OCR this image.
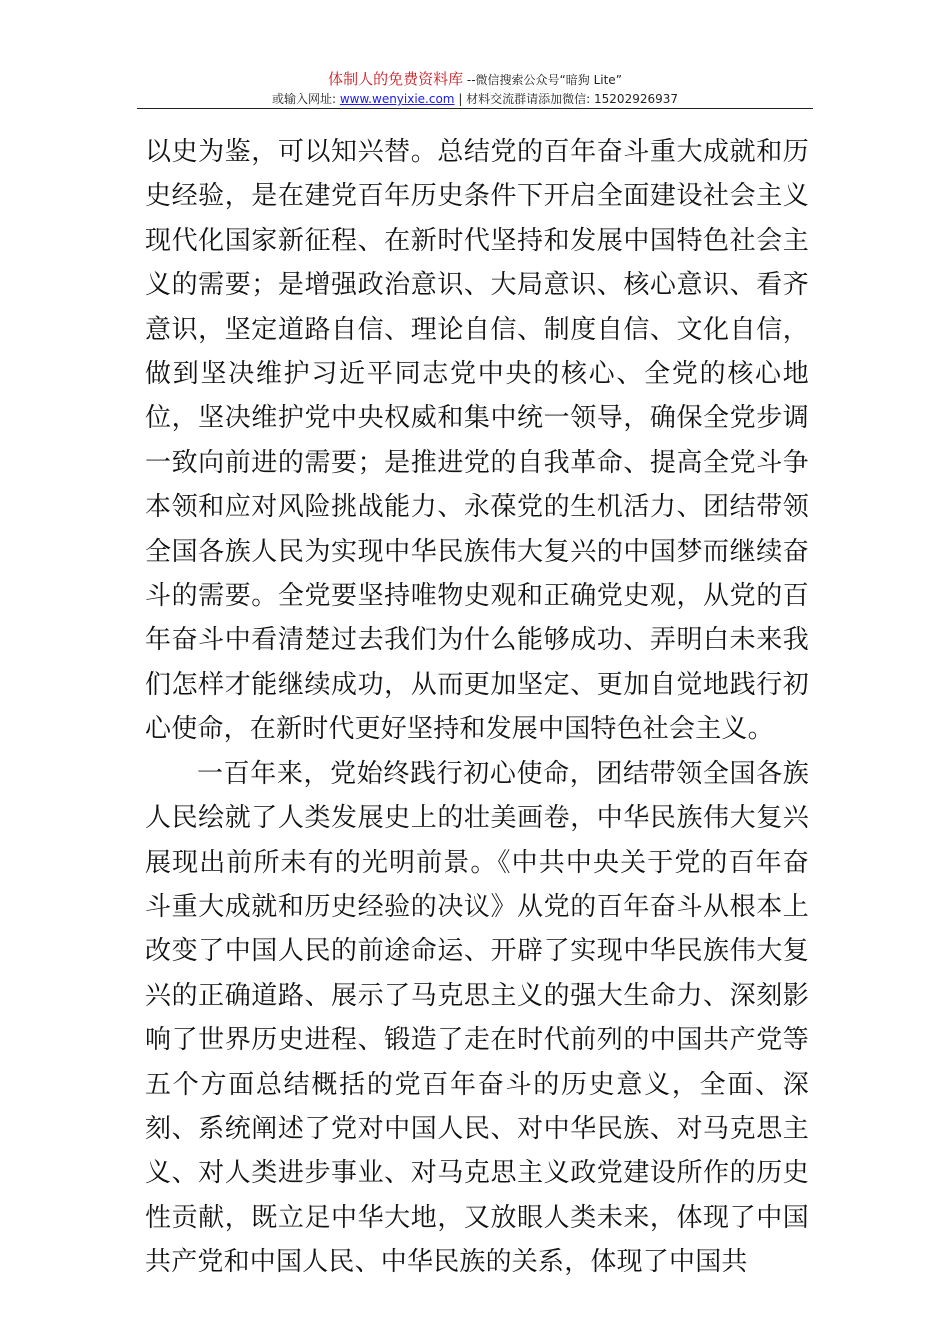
体制人的免费资料库 --微信搜索公众号“暗狗 Lite”
或输入网址: www.wenyixie.com | 材料交流群请添加微信: 15202926937

以史为鉴，可以知兴替。总结党的百年奋斗重大成就和历史经验，是在建党百年历史条件下开启全面建设社会主义现代化国家新征程、在新时代坚持和发展中国特色社会主义的需要；是增强政治意识、大局意识、核心意识、看齐意识，坚定道路自信、理论自信、制度自信、文化自信，做到坚决维护习近平同志党中央的核心、全党的核心地位，坚决维护党中央权威和集中统一领导，确保全党步调一致向前进的需要；是推进党的自我革命、提高全党斗争本领和应对风险挑战能力、永葆党的生机活力、团结带领全国各族人民为实现中华民族伟大复兴的中国梦而继续奋斗的需要。全党要坚持唯物史观和正确党史观，从党的百年奋斗中看清楚过去我们为什么能够成功、弄明白未来我们怎样才能继续成功，从而更加坚定、更加自觉地践行初心使命，在新时代更好坚持和发展中国特色社会主义。

一百年来，党始终践行初心使命，团结带领全国各族人民绘就了人类发展史上的壮美画卷，中华民族伟大复兴展现出前所未有的光明前景。《中共中央关于党的百年奋斗重大成就和历史经验的决议》从党的百年奋斗从根本上改变了中国人民的前途命运、开辟了实现中华民族伟大复兴的正确道路、展示了马克思主义的强大生命力、深刻影响了世界历史进程、锻造了走在时代前列的中国共产党等五个方面总结概括的党百年奋斗的历史意义，全面、深刻、系统阐述了党对中国人民、对中华民族、对马克思主义、对人类进步事业、对马克思主义政党建设所作的历史性贡献，既立足中华大地，又放眼人类未来，体现了中国共产党和中国人民、中华民族的关系，体现了中国共
